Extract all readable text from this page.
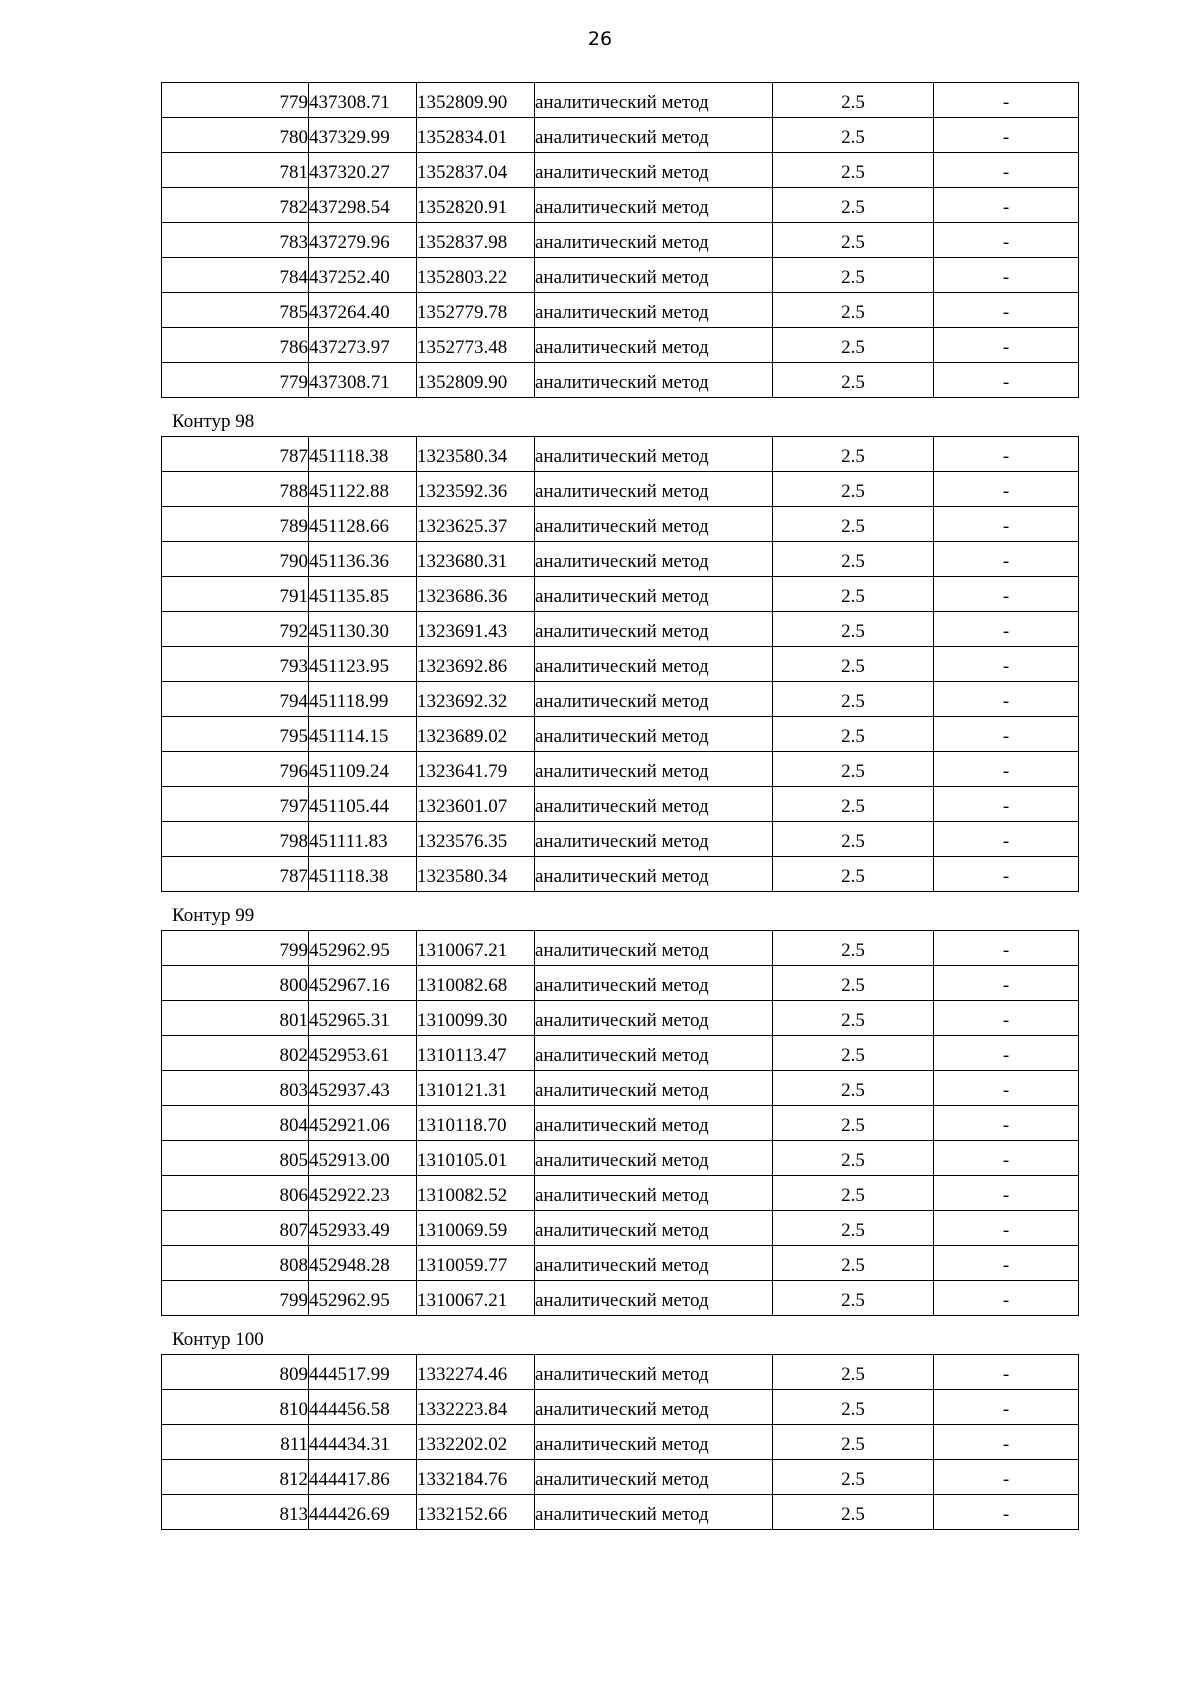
26
779	437308.71	1352809.90	аналитический метод	2.5	-
780	437329.99	1352834.01	аналитический метод	2.5	-
781	437320.27	1352837.04	аналитический метод	2.5	-
782	437298.54	1352820.91	аналитический метод	2.5	-
783	437279.96	1352837.98	аналитический метод	2.5	-
784	437252.40	1352803.22	аналитический метод	2.5	-
785	437264.40	1352779.78	аналитический метод	2.5	-
786	437273.97	1352773.48	аналитический метод	2.5	-
779	437308.71	1352809.90	аналитический метод	2.5	-
Контур 98
787	451118.38	1323580.34	аналитический метод	2.5	-
788	451122.88	1323592.36	аналитический метод	2.5	-
789	451128.66	1323625.37	аналитический метод	2.5	-
790	451136.36	1323680.31	аналитический метод	2.5	-
791	451135.85	1323686.36	аналитический метод	2.5	-
792	451130.30	1323691.43	аналитический метод	2.5	-
793	451123.95	1323692.86	аналитический метод	2.5	-
794	451118.99	1323692.32	аналитический метод	2.5	-
795	451114.15	1323689.02	аналитический метод	2.5	-
796	451109.24	1323641.79	аналитический метод	2.5	-
797	451105.44	1323601.07	аналитический метод	2.5	-
798	451111.83	1323576.35	аналитический метод	2.5	-
787	451118.38	1323580.34	аналитический метод	2.5	-
Контур 99
799	452962.95	1310067.21	аналитический метод	2.5	-
800	452967.16	1310082.68	аналитический метод	2.5	-
801	452965.31	1310099.30	аналитический метод	2.5	-
802	452953.61	1310113.47	аналитический метод	2.5	-
803	452937.43	1310121.31	аналитический метод	2.5	-
804	452921.06	1310118.70	аналитический метод	2.5	-
805	452913.00	1310105.01	аналитический метод	2.5	-
806	452922.23	1310082.52	аналитический метод	2.5	-
807	452933.49	1310069.59	аналитический метод	2.5	-
808	452948.28	1310059.77	аналитический метод	2.5	-
799	452962.95	1310067.21	аналитический метод	2.5	-
Контур 100
809	444517.99	1332274.46	аналитический метод	2.5	-
810	444456.58	1332223.84	аналитический метод	2.5	-
811	444434.31	1332202.02	аналитический метод	2.5	-
812	444417.86	1332184.76	аналитический метод	2.5	-
813	444426.69	1332152.66	аналитический метод	2.5	-
